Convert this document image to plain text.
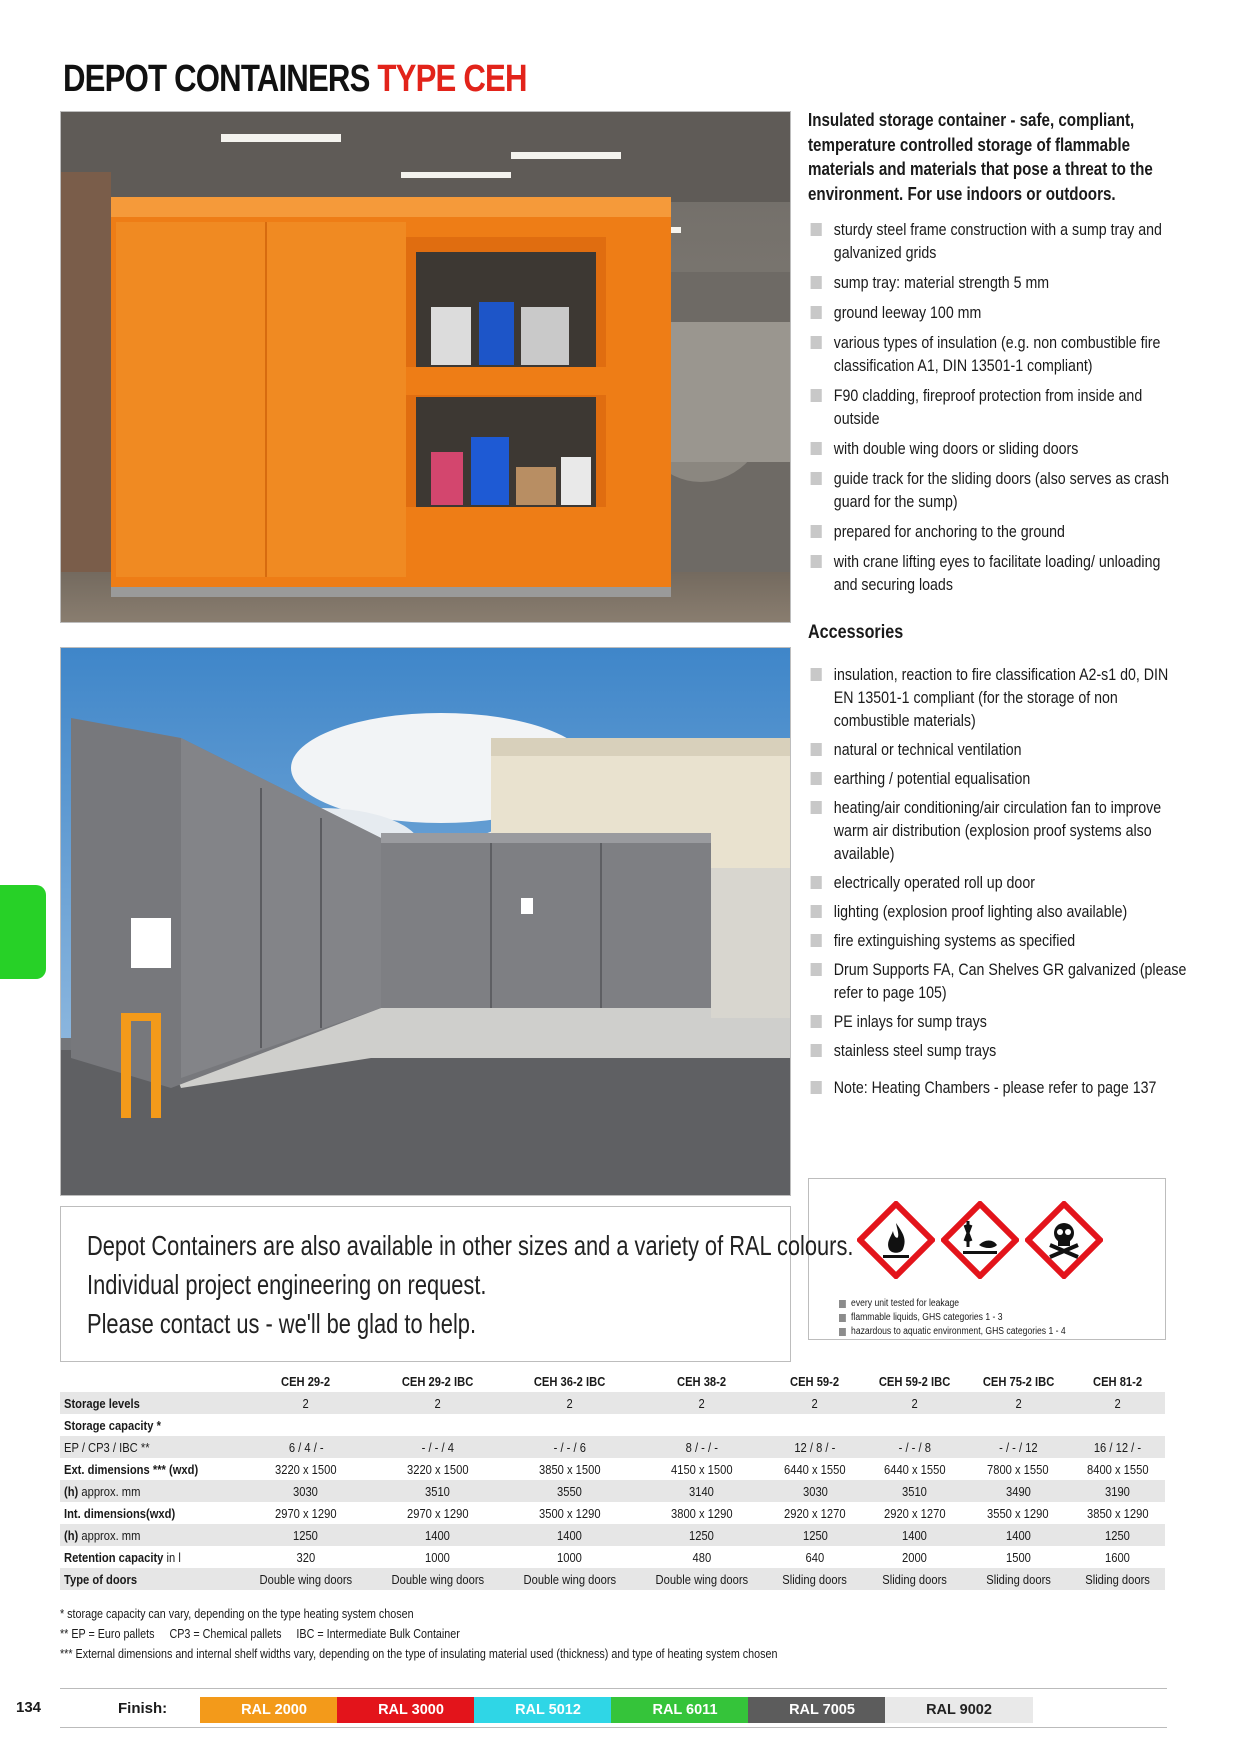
DEPOT CONTAINERS TYPE CEH

Insulated storage container - safe, compliant, temperature controlled storage of flammable materials and materials that pose a threat to the environment. For use indoors or outdoors.

sturdy steel frame construction with a sump tray and galvanized grids
sump tray: material strength 5 mm
ground leeway 100 mm
various types of insulation (e.g. non combustible fire classification A1, DIN 13501-1 compliant)
F90 cladding, fireproof protection from inside and outside
with double wing doors or sliding doors
guide track for the sliding doors (also serves as crash guard for the sump)
prepared for anchoring to the ground
with crane lifting eyes to facilitate loading/ unloading and securing loads
Accessories
insulation, reaction to fire classification A2-s1 d0, DIN EN 13501-1 compliant (for the storage of non combustible materials)
natural or technical ventilation
earthing / potential equalisation
heating/air conditioning/air circulation fan to improve warm air distribution (explosion proof systems also available)
electrically operated roll up door
lighting (explosion proof lighting also available)
fire extinguishing systems as specified
Drum Supports FA, Can Shelves GR galvanized (please refer to page 105)
PE inlays for sump trays
stainless steel sump trays
Note: Heating Chambers - please refer to page 137
every unit tested for leakage
flammable liquids, GHS categories 1 - 3
hazardous to aquatic environment, GHS categories 1 - 4

Depot Containers are also available in other sizes and a variety of RAL colours.

Individual project engineering on request.

Please contact us - we'll be glad to help.

	CEH 29-2	CEH 29-2 IBC	CEH 36-2 IBC	CEH 38-2	CEH 59-2	CEH 59-2 IBC	CEH 75-2 IBC	CEH 81-2
Storage levels	2	2	2	2	2	2	2	2
Storage capacity *								
EP / CP3 / IBC **	6 / 4 / -	- / - / 4	- / - / 6	8 / - / -	12 / 8 / -	- / - / 8	- / - / 12	16 / 12 / -
Ext. dimensions *** (wxd)	3220 x 1500	3220 x 1500	3850 x 1500	4150 x 1500	6440 x 1550	6440 x 1550	7800 x 1550	8400 x 1550
(h) approx. mm	3030	3510	3550	3140	3030	3510	3490	3190
Int. dimensions(wxd)	2970 x 1290	2970 x 1290	3500 x 1290	3800 x 1290	2920 x 1270	2920 x 1270	3550 x 1290	3850 x 1290
(h) approx. mm	1250	1400	1400	1250	1250	1400	1400	1250
Retention capacity in l	320	1000	1000	480	640	2000	1500	1600
Type of doors	Double wing doors	Double wing doors	Double wing doors	Double wing doors	Sliding doors	Sliding doors	Sliding doors	Sliding doors
* storage capacity can vary, depending on the type heating system chosen
** EP = Euro pallets     CP3 = Chemical pallets     IBC = Intermediate Bulk Container
*** External dimensions and internal shelf widths vary, depending on the type of insulating material used (thickness) and type of heating system chosen
134	Finish:	RAL 2000	RAL 3000	RAL 5012	RAL 6011	RAL 7005	RAL 9002
